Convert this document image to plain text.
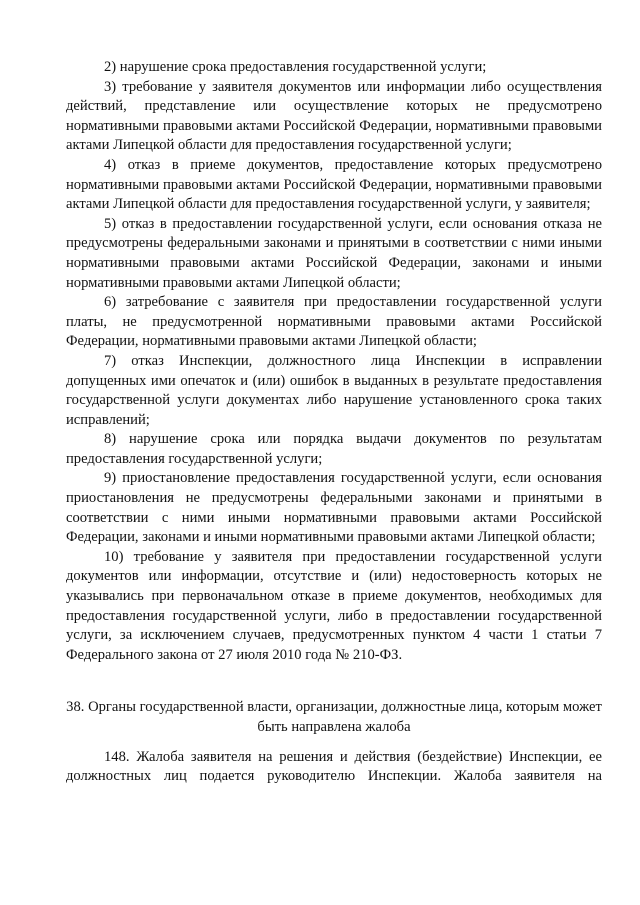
2) нарушение срока предоставления государственной услуги;

3) требование у заявителя документов или информации либо осуществления действий, представление или осуществление которых не предусмотрено нормативными правовыми актами Российской Федерации, нормативными правовыми актами Липецкой области для предоставления государственной услуги;

4) отказ в приеме документов, предоставление которых предусмотрено нормативными правовыми актами Российской Федерации, нормативными правовыми актами Липецкой области для предоставления государственной услуги, у заявителя;

5) отказ в предоставлении государственной услуги, если основания отказа не предусмотрены федеральными законами и принятыми в соответствии с ними иными нормативными правовыми актами Российской Федерации, законами и иными нормативными правовыми актами Липецкой области;

6) затребование с заявителя при предоставлении государственной услуги платы, не предусмотренной нормативными правовыми актами Российской Федерации, нормативными правовыми актами Липецкой области;

7) отказ Инспекции, должностного лица Инспекции в исправлении допущенных ими опечаток и (или) ошибок в выданных в результате предоставления государственной услуги документах либо нарушение установленного срока таких исправлений;

8) нарушение срока или порядка выдачи документов по результатам предоставления государственной услуги;

9) приостановление предоставления государственной услуги, если основания приостановления не предусмотрены федеральными законами и принятыми в соответствии с ними иными нормативными правовыми актами Российской Федерации, законами и иными нормативными правовыми актами Липецкой области;

10) требование у заявителя при предоставлении государственной услуги документов или информации, отсутствие и (или) недостоверность которых не указывались при первоначальном отказе в приеме документов, необходимых для предоставления государственной услуги, либо в предоставлении государственной услуги, за исключением случаев, предусмотренных пунктом 4 части 1 статьи 7 Федерального закона от 27 июля 2010 года № 210-ФЗ.

38. Органы государственной власти, организации, должностные лица, которым может быть направлена жалоба

148. Жалоба заявителя на решения и действия (бездействие) Инспекции, ее должностных лиц подается руководителю Инспекции. Жалоба заявителя на
